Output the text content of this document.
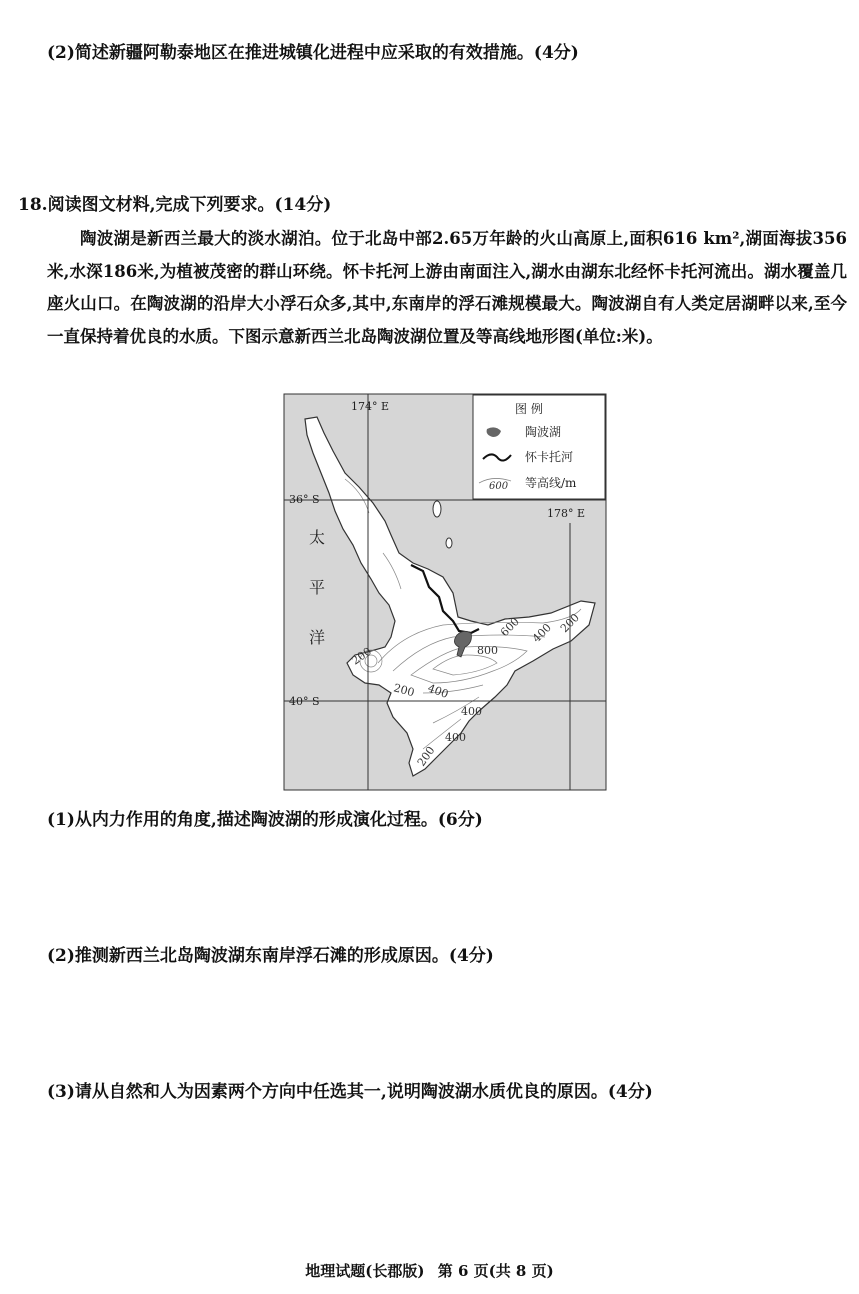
(2)简述新疆阿勒泰地区在推进城镇化进程中应采取的有效措施。(4分)
18.阅读图文材料,完成下列要求。(14分)
陶波湖是新西兰最大的淡水湖泊。位于北岛中部2.65万年龄的火山高原上,面积616 km²,湖面海拔356米,水深186米,为植被茂密的群山环绕。怀卡托河上游由南面注入,湖水由湖东北经怀卡托河流出。湖水覆盖几座火山口。在陶波湖的沿岸大小浮石众多,其中,东南岸的浮石滩规模最大。陶波湖自有人类定居湖畔以来,至今一直保持着优良的水质。下图示意新西兰北岛陶波湖位置及等高线地形图(单位:米)。
174° E
178° E
36° S
40° S
太
平
洋
800
600 400 200
200
200 400
400
400
200
图 例
陶波湖
怀卡托河
600 等高线/m
(1)从内力作用的角度,描述陶波湖的形成演化过程。(6分)
(2)推测新西兰北岛陶波湖东南岸浮石滩的形成原因。(4分)
(3)请从自然和人为因素两个方向中任选其一,说明陶波湖水质优良的原因。(4分)
地理试题(长郡版) 第 6 页(共 8 页)
